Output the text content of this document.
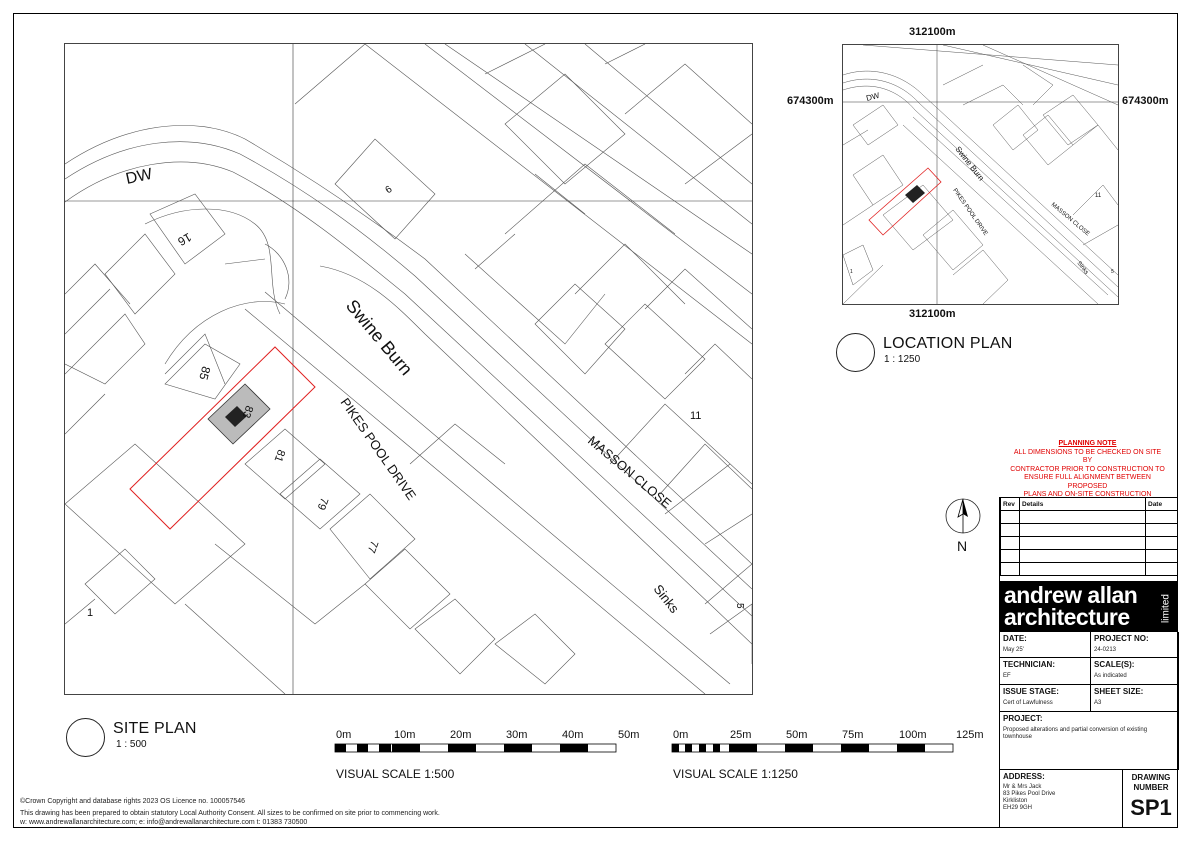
DW
16
9
Swine Burn
85
83
81
79
77
11
1
5
PIKES POOL DRIVE	MASSON CLOSE
Sinks
312100m
312100m
674300m	674300m
DW
Swine Burn
PIKES POOL DRIVE	MASSON CLOSE
Sinks
11
5
1
LOCATION PLAN
1 : 1250
SITE PLAN
1 : 500
PLANNING NOTE
ALL DIMENSIONS TO BE CHECKED ON SITE BY
CONTRACTOR PRIOR TO CONSTRUCTION TO
ENSURE FULL ALIGNMENT BETWEEN PROPOSED
PLANS AND ON-SITE CONSTRUCTION
N
0m	10m	20m	30m	40m	50m
VISUAL SCALE 1:500
0m	25m	50m	75m	100m	125m
VISUAL SCALE 1:1250
©Crown Copyright and database rights 2023 OS Licence no. 100057546
This drawing has been prepared to obtain statutory Local Authority Consent. All sizes to be confirmed on site prior to commencing work.
w: www.andrewallanarchitecture.com; e: info@andrewallanarchitecture.com t: 01383 730500
Rev	Details	Date

andrew allan
architecture	limited
DATE:
May 25'
PROJECT NO:
24-0213
TECHNICIAN:
EF
SCALE(S):
As indicated
ISSUE STAGE:
Cert of Lawfulness
SHEET SIZE:
A3
PROJECT:
Proposed alterations and partial conversion of existing townhouse
ADDRESS:
Mr & Mrs Jack
83 Pikes Pool Drive
Kirkliston
EH29 9GH
DRAWING NUMBER
SP1
